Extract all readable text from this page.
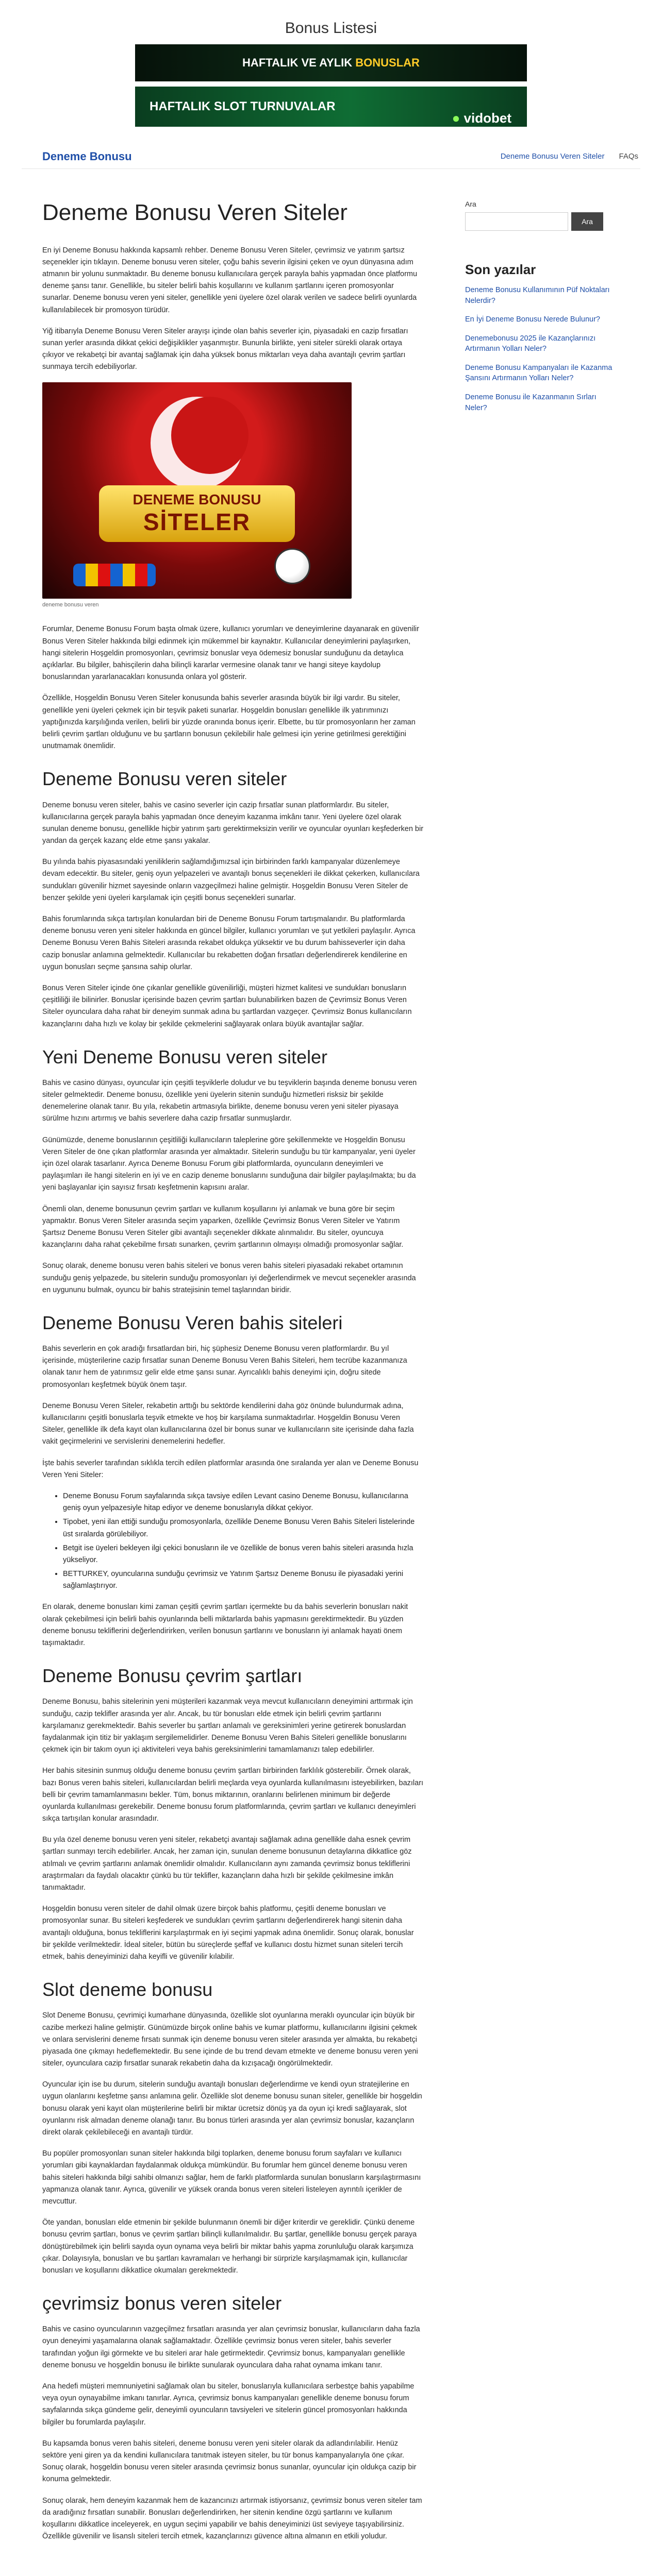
Bonus Listesi
HAFTALIK VE AYLIK BONUSLAR
HAFTALIK SLOT TURNUVALAR
● vidobet
Deneme Bonusu	Deneme Bonusu Veren Siteler FAQs
Deneme Bonusu Veren Siteler

En iyi Deneme Bonusu hakkında kapsamlı rehber. Deneme Bonusu Veren Siteler, çevrimsiz ve yatırım şartsız seçenekler için tıklayın. Deneme bonusu veren siteler, çoğu bahis severin ilgisini çeken ve oyun dünyasına adım atmanın bir yolunu sunmaktadır. Bu deneme bonusu kullanıcılara gerçek parayla bahis yapmadan önce platformu deneme şansı tanır. Genellikle, bu siteler belirli bahis koşullarını ve kullanım şartlarını içeren promosyonlar sunarlar. Deneme bonusu veren yeni siteler, genellikle yeni üyelere özel olarak verilen ve sadece belirli oyunlarda kullanılabilecek bir promosyon türüdür.

Yiğ itibarıyla Deneme Bonusu Veren Siteler arayışı içinde olan bahis severler için, piyasadaki en cazip fırsatları sunan yerler arasında dikkat çekici değişiklikler yaşanmıştır. Bununla birlikte, yeni siteler sürekli olarak ortaya çıkıyor ve rekabetçi bir avantaj sağlamak için daha yüksek bonus miktarları veya daha avantajlı çevrim şartları sunmaya tercih edebiliyorlar.

DENEME BONUSU
SİTELER
deneme bonusu veren

Forumlar, Deneme Bonusu Forum başta olmak üzere, kullanıcı yorumları ve deneyimlerine dayanarak en güvenilir Bonus Veren Siteler hakkında bilgi edinmek için mükemmel bir kaynaktır. Kullanıcılar deneyimlerini paylaşırken, hangi sitelerin Hoşgeldin promosyonları, çevrimsiz bonuslar veya ödemesiz bonuslar sunduğunu da detaylıca açıklarlar. Bu bilgiler, bahisçilerin daha bilinçli kararlar vermesine olanak tanır ve hangi siteye kaydolup bonuslarından yararlanacakları konusunda onlara yol gösterir.

Özellikle, Hoşgeldin Bonusu Veren Siteler konusunda bahis severler arasında büyük bir ilgi vardır. Bu siteler, genellikle yeni üyeleri çekmek için bir teşvik paketi sunarlar. Hoşgeldin bonusları genellikle ilk yatırımınızı yaptığınızda karşılığında verilen, belirli bir yüzde oranında bonus içerir. Elbette, bu tür promosyonların her zaman belirli çevrim şartları olduğunu ve bu şartların bonusun çekilebilir hale gelmesi için yerine getirilmesi gerektiğini unutmamak önemlidir.

Deneme Bonusu veren siteler

Deneme bonusu veren siteler, bahis ve casino severler için cazip fırsatlar sunan platformlardır. Bu siteler, kullanıcılarına gerçek parayla bahis yapmadan önce deneyim kazanma imkânı tanır. Yeni üyelere özel olarak sunulan deneme bonusu, genellikle hiçbir yatırım şartı gerektirmeksizin verilir ve oyuncular oyunları keşfederken bir yandan da gerçek kazanç elde etme şansı yakalar.

Bu yılında bahis piyasasındaki yeniliklerin sağlamdığımızsal için birbirinden farklı kampanyalar düzenlemeye devam edecektir. Bu siteler, geniş oyun yelpazeleri ve avantajlı bonus seçenekleri ile dikkat çekerken, kullanıcılara sundukları güvenilir hizmet sayesinde onların vazgeçilmezi haline gelmiştir. Hoşgeldin Bonusu Veren Siteler de benzer şekilde yeni üyeleri karşılamak için çeşitli bonus seçenekleri sunarlar.

Bahis forumlarında sıkça tartışılan konulardan biri de Deneme Bonusu Forum tartışmalarıdır. Bu platformlarda deneme bonusu veren yeni siteler hakkında en güncel bilgiler, kullanıcı yorumları ve şut yetkileri paylaşılır. Ayrıca Deneme Bonusu Veren Bahis Siteleri arasında rekabet oldukça yüksektir ve bu durum bahisseverler için daha cazip bonuslar anlamına gelmektedir. Kullanıcılar bu rekabetten doğan fırsatları değerlendirerek kendilerine en uygun bonusları seçme şansına sahip olurlar.

Bonus Veren Siteler içinde öne çıkanlar genellikle güvenilirliği, müşteri hizmet kalitesi ve sundukları bonusların çeşitliliği ile bilinirler. Bonuslar içerisinde bazen çevrim şartları bulunabilirken bazen de Çevrimsiz Bonus Veren Siteler oyunculara daha rahat bir deneyim sunmak adına bu şartlardan vazgeçer. Çevrimsiz Bonus kullanıcıların kazançlarını daha hızlı ve kolay bir şekilde çekmelerini sağlayarak onlara büyük avantajlar sağlar.

Yeni Deneme Bonusu veren siteler

Bahis ve casino dünyası, oyuncular için çeşitli teşviklerle doludur ve bu teşviklerin başında deneme bonusu veren siteler gelmektedir. Deneme bonusu, özellikle yeni üyelerin sitenin sunduğu hizmetleri risksiz bir şekilde denemelerine olanak tanır. Bu yıla, rekabetin artmasıyla birlikte, deneme bonusu veren yeni siteler piyasaya sürülme hızını artırmış ve bahis severlere daha cazip fırsatlar sunmuşlardır.

Günümüzde, deneme bonuslarının çeşitliliği kullanıcıların taleplerine göre şekillenmekte ve Hoşgeldin Bonusu Veren Siteler de öne çıkan platformlar arasında yer almaktadır. Sitelerin sunduğu bu tür kampanyalar, yeni üyeler için özel olarak tasarlanır. Ayrıca Deneme Bonusu Forum gibi platformlarda, oyuncuların deneyimleri ve paylaşımları ile hangi sitelerin en iyi ve en cazip deneme bonuslarını sunduğuna dair bilgiler paylaşılmakta; bu da yeni başlayanlar için sayısız fırsatı keşfetmenin kapısını aralar.

Önemli olan, deneme bonusunun çevrim şartları ve kullanım koşullarını iyi anlamak ve buna göre bir seçim yapmaktır. Bonus Veren Siteler arasında seçim yaparken, özellikle Çevrimsiz Bonus Veren Siteler ve Yatırım Şartsız Deneme Bonusu Veren Siteler gibi avantajlı seçenekler dikkate alınmalıdır. Bu siteler, oyuncuya kazançlarını daha rahat çekebilme fırsatı sunarken, çevrim şartlarının olmayışı olmadığı promosyonlar sağlar.

Sonuç olarak, deneme bonusu veren bahis siteleri ve bonus veren bahis siteleri piyasadaki rekabet ortamının sunduğu geniş yelpazede, bu sitelerin sunduğu promosyonları iyi değerlendirmek ve mevcut seçenekler arasında en uygununu bulmak, oyuncu bir bahis stratejisinin temel taşlarından biridir.

Deneme Bonusu Veren bahis siteleri

Bahis severlerin en çok aradığı fırsatlardan biri, hiç şüphesiz Deneme Bonusu veren platformlardır. Bu yıl içerisinde, müşterilerine cazip fırsatlar sunan Deneme Bonusu Veren Bahis Siteleri, hem tecrübe kazanmanıza olanak tanır hem de yatırımsız gelir elde etme şansı sunar. Ayrıcalıklı bahis deneyimi için, doğru sitede promosyonları keşfetmek büyük önem taşır.

Deneme Bonusu Veren Siteler, rekabetin arttığı bu sektörde kendilerini daha göz önünde bulundurmak adına, kullanıcılarını çeşitli bonuslarla teşvik etmekte ve hoş bir karşılama sunmaktadırlar. Hoşgeldin Bonusu Veren Siteler, genellikle ilk defa kayıt olan kullanıcılarına özel bir bonus sunar ve kullanıcıların site içerisinde daha fazla vakit geçirmelerini ve servislerini denemelerini hedefler.

İşte bahis severler tarafından sıklıkla tercih edilen platformlar arasında öne sıralanda yer alan ve Deneme Bonusu Veren Yeni Siteler:

• Deneme Bonusu Forum sayfalarında sıkça tavsiye edilen Levant casino Deneme Bonusu, kullanıcılarına geniş oyun yelpazesiyle hitap ediyor ve deneme bonuslarıyla dikkat çekiyor.
• Tipobet, yeni ilan ettiği sunduğu promosyonlarla, özellikle Deneme Bonusu Veren Bahis Siteleri listelerinde üst sıralarda görülebiliyor.
• Betgit ise üyeleri bekleyen ilgi çekici bonusların ile ve özellikle de bonus veren bahis siteleri arasında hızla yükseliyor.
• BETTURKEY, oyuncularına sunduğu çevrimsiz ve Yatırım Şartsız Deneme Bonusu ile piyasadaki yerini sağlamlaştırıyor.

En olarak, deneme bonusları kimi zaman çeşitli çevrim şartları içermekte bu da bahis severlerin bonusları nakit olarak çekebilmesi için belirli bahis oyunlarında belli miktarlarda bahis yapmasını gerektirmektedir. Bu yüzden deneme bonusu tekliflerini değerlendirirken, verilen bonusun şartlarını ve bonusların iyi anlamak hayati önem taşımaktadır.

Deneme Bonusu çevrim şartları

Deneme Bonusu, bahis sitelerinin yeni müşterileri kazanmak veya mevcut kullanıcıların deneyimini arttırmak için sunduğu, cazip teklifler arasında yer alır. Ancak, bu tür bonusları elde etmek için belirli çevrim şartlarını karşılamanız gerekmektedir. Bahis severler bu şartları anlamalı ve gereksinimleri yerine getirerek bonuslardan faydalanmak için titiz bir yaklaşım sergilemelidirler. Deneme Bonusu Veren Bahis Siteleri genellikle bonuslarını çekmek için bir takım oyun içi aktiviteleri veya bahis gereksinimlerini tamamlamanızı talep edebilirler.

Her bahis sitesinin sunmuş olduğu deneme bonusu çevrim şartları birbirinden farklılık gösterebilir. Örnek olarak, bazı Bonus veren bahis siteleri, kullanıcılardan belirli meçlarda veya oyunlarda kullanılmasını isteyebilirken, bazıları belli bir çevrim tamamlanmasını bekler. Tüm, bonus miktarının, oranlarını belirlenen minimum bir değerde oyunlarda kullanılması gerekebilir. Deneme bonusu forum platformlarında, çevrim şartları ve kullanıcı deneyimleri sıkça tartışılan konular arasındadır.

Bu yıla özel deneme bonusu veren yeni siteler, rekabetçi avantajı sağlamak adına genellikle daha esnek çevrim şartları sunmayı tercih edebilirler. Ancak, her zaman için, sunulan deneme bonusunun detaylarına dikkatlice göz atılmalı ve çevrim şartlarını anlamak önemlidir olmalıdır. Kullanıcıların aynı zamanda çevrimsiz bonus tekliflerini araştırmaları da faydalı olacaktır çünkü bu tür teklifler, kazançların daha hızlı bir şekilde çekilmesine imkân tanımaktadır.

Hoşgeldin bonusu veren siteler de dahil olmak üzere birçok bahis platformu, çeşitli deneme bonusları ve promosyonlar sunar. Bu siteleri keşfederek ve sundukları çevrim şartlarını değerlendirerek hangi sitenin daha avantajlı olduğuna, bonus tekliflerini karşılaştırmak en iyi seçimi yapmak adına önemlidir. Sonuç olarak, bonuslar bir şekilde verilmektedir. İdeal siteler, bütün bu süreçlerde şeffaf ve kullanıcı dostu hizmet sunan siteleri tercih etmek, bahis deneyiminizi daha keyifli ve güvenilir kılabilir.

Slot deneme bonusu

Slot Deneme Bonusu, çevrimiçi kumarhane dünyasında, özellikle slot oyunlarına meraklı oyuncular için büyük bir cazibe merkezi haline gelmiştir. Günümüzde birçok online bahis ve kumar platformu, kullanıcılarını ilgisini çekmek ve onlara servislerini deneme fırsatı sunmak için deneme bonusu veren siteler arasında yer almakta, bu rekabetçi piyasada öne çıkmayı hedeflemektedir. Bu sene içinde de bu trend devam etmekte ve deneme bonusu veren yeni siteler, oyunculara cazip fırsatlar sunarak rekabetin daha da kızışacağı öngörülmektedir.

Oyuncular için ise bu durum, sitelerin sunduğu avantajlı bonusları değerlendirme ve kendi oyun stratejilerine en uygun olanlarını keşfetme şansı anlamına gelir. Özellikle slot deneme bonusu sunan siteler, genellikle bir hoşgeldin bonusu olarak yeni kayıt olan müşterilerine belirli bir miktar ücretsiz dönüş ya da oyun içi kredi sağlayarak, slot oyunlarını risk almadan deneme olanağı tanır. Bu bonus türleri arasında yer alan çevrimsiz bonuslar, kazançların direkt olarak çekilebileceği en avantajlı türdür.

Bu popüler promosyonları sunan siteler hakkında bilgi toplarken, deneme bonusu forum sayfaları ve kullanıcı yorumları gibi kaynaklardan faydalanmak oldukça mümkündür. Bu forumlar hem güncel deneme bonusu veren bahis siteleri hakkında bilgi sahibi olmanızı sağlar, hem de farklı platformlarda sunulan bonusların karşılaştırmasını yapmanıza olanak tanır. Ayrıca, güvenilir ve yüksek oranda bonus veren siteleri listeleyen ayrıntılı içerikler de mevcuttur.

Öte yandan, bonusları elde etmenin bir şekilde bulunmanın önemli bir diğer kriterdir ve gereklidir. Çünkü deneme bonusu çevrim şartları, bonus ve çevrim şartları bilinçli kullanılmalıdır. Bu şartlar, genellikle bonusu gerçek paraya dönüştürebilmek için belirli sayıda oyun oynama veya belirli bir miktar bahis yapma zorunluluğu olarak karşımıza çıkar. Dolayısıyla, bonusları ve bu şartları kavramaları ve herhangi bir sürprizle karşılaşmamak için, kullanıcılar bonusları ve koşullarını dikkatlice okumaları gerekmektedir.

çevrimsiz bonus veren siteler

Bahis ve casino oyuncularının vazgeçilmez fırsatları arasında yer alan çevrimsiz bonuslar, kullanıcıların daha fazla oyun deneyimi yaşamalarına olanak sağlamaktadır. Özellikle çevrimsiz bonus veren siteler, bahis severler tarafından yoğun ilgi görmekte ve bu siteleri arar hale getirmektedir. Çevrimsiz bonus, kampanyaları genellikle deneme bonusu ve hoşgeldin bonusu ile birlikte sunularak oyunculara daha rahat oynama imkanı tanır.

Ana hedefi müşteri memnuniyetini sağlamak olan bu siteler, bonuslarıyla kullanıcılara serbestçe bahis yapabilme veya oyun oynayabilme imkanı tanırlar. Ayrıca, çevrimsiz bonus kampanyaları genellikle deneme bonusu forum sayfalarında sıkça gündeme gelir, deneyimli oyuncuların tavsiyeleri ve sitelerin güncel promosyonları hakkında bilgiler bu forumlarda paylaşılır.

Bu kapsamda bonus veren bahis siteleri, deneme bonusu veren yeni siteler olarak da adlandırılabilir. Henüz sektöre yeni giren ya da kendini kullanıcılara tanıtmak isteyen siteler, bu tür bonus kampanyalarıyla öne çıkar. Sonuç olarak, hoşgeldin bonusu veren siteler arasında çevrimsiz bonus sunanlar, oyuncular için oldukça cazip bir konuma gelmektedir.

Sonuç olarak, hem deneyim kazanmak hem de kazancınızı artırmak istiyorsanız, çevrimsiz bonus veren siteler tam da aradığınız fırsatları sunabilir. Bonusları değerlendirirken, her sitenin kendine özgü şartlarını ve kullanım koşullarını dikkatlice inceleyerek, en uygun seçimi yapabilir ve bahis deneyiminizi üst seviyeye taşıyabilirsiniz. Özellikle güvenilir ve lisanslı siteleri tercih etmek, kazançlarınızı güvence altına almanın en etkili yoludur.

Ara
Ara
Son yazılar
Deneme Bonusu Kullanımının Püf Noktaları Nelerdir?
En İyi Deneme Bonusu Nerede Bulunur?
Denemebonusu 2025 ile Kazançlarınızı Artırmanın Yolları Neler?
Deneme Bonusu Kampanyaları ile Kazanma Şansını Artırmanın Yolları Neler?
Deneme Bonusu ile Kazanmanın Sırları Neler?
